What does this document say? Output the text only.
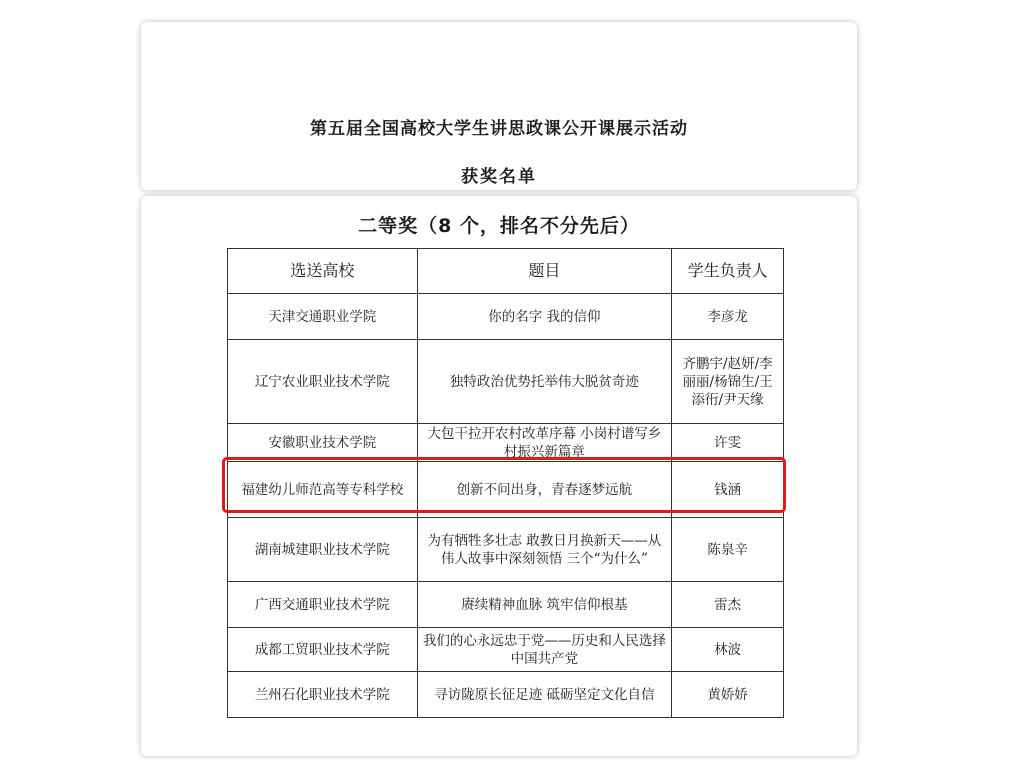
第五届全国高校大学生讲思政课公开课展示活动
获奖名单
二等奖（8 个，排名不分先后）
选送高校	题目	学生负责人
天津交通职业学院	你的名字 我的信仰	李彦龙
辽宁农业职业技术学院	独特政治优势托举伟大脱贫奇迹	齐鹏宇/赵妍/李丽丽/杨锦生/王添衎/尹天缘
安徽职业技术学院	大包干拉开农村改革序幕 小岗村谱写乡村振兴新篇章	许雯
福建幼儿师范高等专科学校	创新不问出身，青春逐梦远航	钱涵
湖南城建职业技术学院	为有牺牲多壮志 敢教日月换新天——从伟人故事中深刻领悟 三个“为什么”	陈泉辛
广西交通职业技术学院	赓续精神血脉 筑牢信仰根基	雷杰
成都工贸职业技术学院	我们的心永远忠于党——历史和人民选择中国共产党	林波
兰州石化职业技术学院	寻访陇原长征足迹 砥砺坚定文化自信	黄娇娇
